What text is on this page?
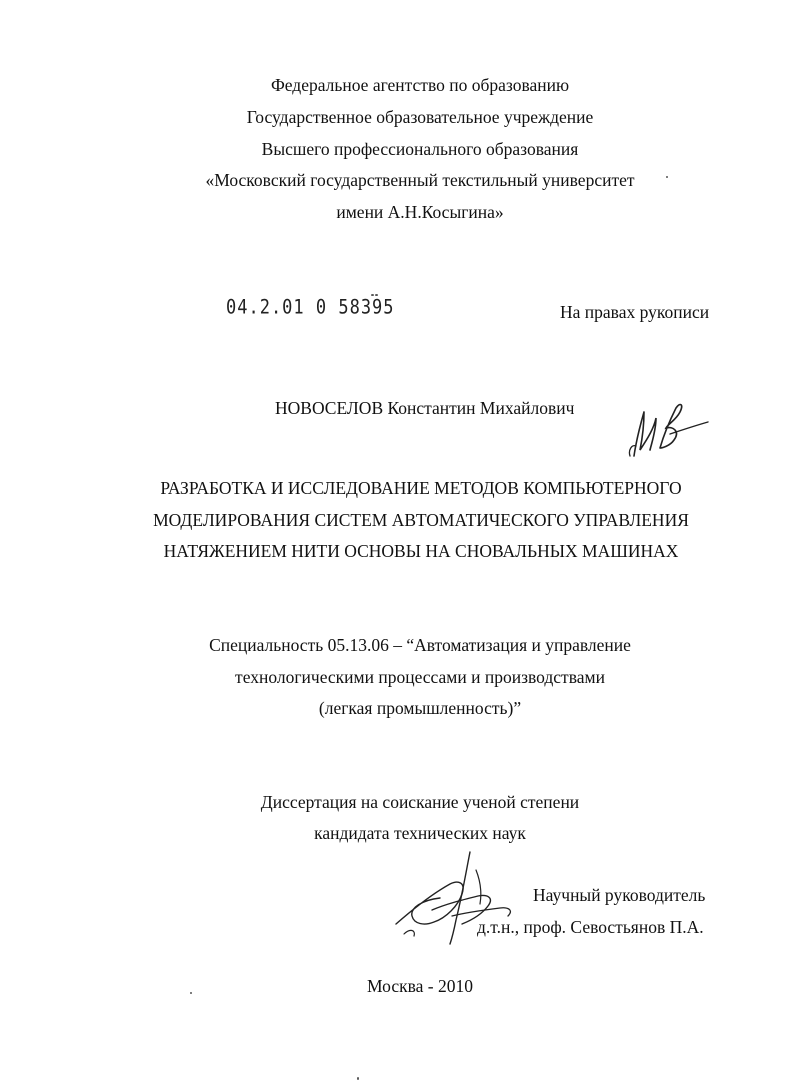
Федеральное агентство по образованию
Государственное образовательное учреждение
Высшего профессионального образования
«Московский государственный текстильный университет
имени А.Н.Косыгина»
04.2.01 0 58395	На правах рукописи
НОВОСЕЛОВ Константин Михайлович
РАЗРАБОТКА И ИССЛЕДОВАНИЕ МЕТОДОВ КОМПЬЮТЕРНОГО
МОДЕЛИРОВАНИЯ СИСТЕМ АВТОМАТИЧЕСКОГО УПРАВЛЕНИЯ
НАТЯЖЕНИЕМ НИТИ ОСНОВЫ НА СНОВАЛЬНЫХ МАШИНАХ
Специальность 05.13.06 – “Автоматизация и управление
технологическими процессами и производствами
(легкая промышленность)”
Диссертация на соискание ученой степени
кандидата технических наук
Научный руководитель
д.т.н., проф. Севостьянов П.А.
Москва - 2010
